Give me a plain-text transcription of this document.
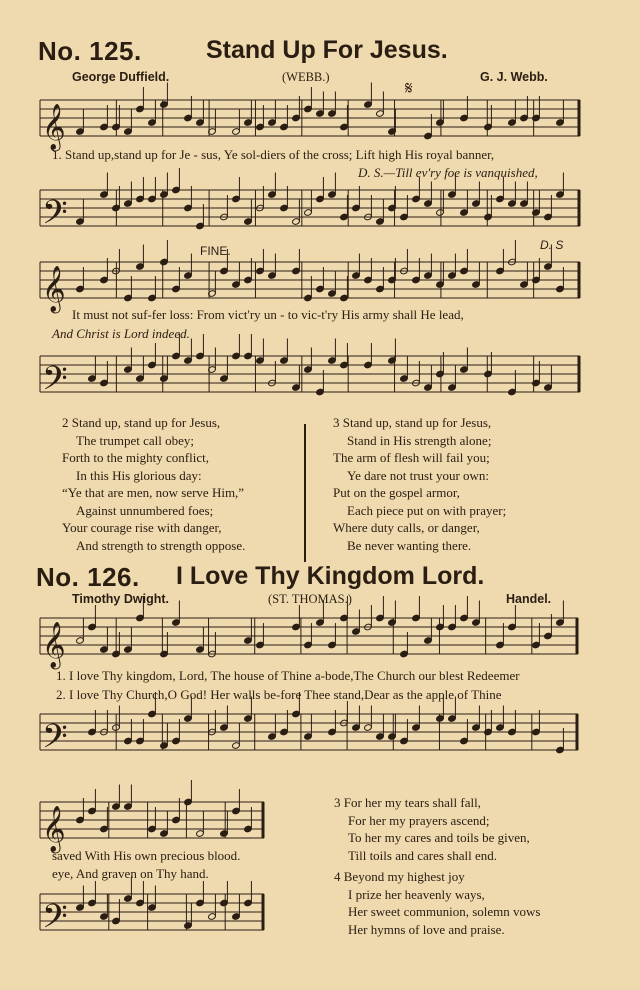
No. 125.	Stand Up For Jesus.
George Duffield.	(WEBB.)	G. J. Webb.
𝄋
𝄞
1. Stand up,stand up for Je - sus, Ye sol-diers of the cross; Lift high His royal banner,
D. S.—Till ev'ry foe is vanquished,
𝄢
FINE.	D. S
𝄞
It must not suf-fer loss: From vict'ry un - to vic-t'ry His army shall He lead,
And Christ is Lord indeed.
𝄢
2 Stand up, stand up for Jesus,
The trumpet call obey;
Forth to the mighty conflict,
In this His glorious day:
“Ye that are men, now serve Him,”
Against unnumbered foes;
Your courage rise with danger,
And strength to strength oppose.
3 Stand up, stand up for Jesus,
Stand in His strength alone;
The arm of flesh will fail you;
Ye dare not trust your own:
Put on the gospel armor,
Each piece put on with prayer;
Where duty calls, or danger,
Be never wanting there.
No. 126. I Love Thy Kingdom Lord.
Timothy Dwight.	(ST. THOMAS.)	Handel.
𝄞
1. I love Thy kingdom, Lord, The house of Thine a-bode,The Church our blest Redeemer
2. I love Thy Church,O God! Her walls be-fore Thee stand,Dear as the apple of Thine
𝄢
𝄞
saved With His own precious blood.
eye, And graven on Thy hand.
𝄢
3 For her my tears shall fall,
For her my prayers ascend;
To her my cares and toils be given,
Till toils and cares shall end.
4 Beyond my highest joy
I prize her heavenly ways,
Her sweet communion, solemn vows
Her hymns of love and praise.
